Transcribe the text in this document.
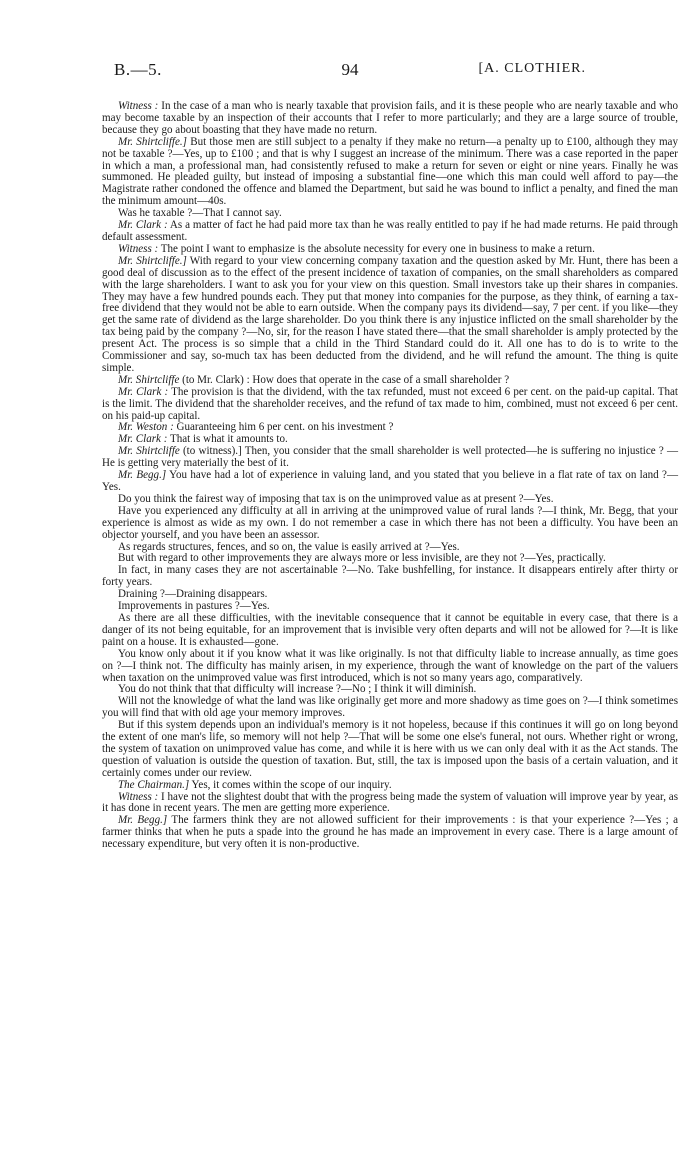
B.—5.	94	[A. CLOTHIER.

Witness : In the case of a man who is nearly taxable that provision fails, and it is these people who are nearly taxable and who may become taxable by an inspection of their accounts that I refer to more particularly; and they are a large source of trouble, because they go about boasting that they have made no return.

Mr. Shirtcliffe.] But those men are still subject to a penalty if they make no return—a penalty up to £100, although they may not be taxable ?—Yes, up to £100 ; and that is why I suggest an increase of the minimum. There was a case reported in the paper in which a man, a professional man, had consistently refused to make a return for seven or eight or nine years. Finally he was summoned. He pleaded guilty, but instead of imposing a substantial fine—one which this man could well afford to pay—the Magistrate rather condoned the offence and blamed the Department, but said he was bound to inflict a penalty, and fined the man the minimum amount—40s.

Was he taxable ?—That I cannot say.

Mr. Clark : As a matter of fact he had paid more tax than he was really entitled to pay if he had made returns. He paid through default assessment.

Witness : The point I want to emphasize is the absolute necessity for every one in business to make a return.

Mr. Shirtcliffe.] With regard to your view concerning company taxation and the question asked by Mr. Hunt, there has been a good deal of discussion as to the effect of the present incidence of taxation of companies, on the small shareholders as compared with the large shareholders. I want to ask you for your view on this question. Small investors take up their shares in companies. They may have a few hundred pounds each. They put that money into companies for the purpose, as they think, of earning a tax-free dividend that they would not be able to earn outside. When the company pays its dividend—say, 7 per cent. if you like—they get the same rate of dividend as the large shareholder. Do you think there is any injustice inflicted on the small shareholder by the tax being paid by the company ?—No, sir, for the reason I have stated there—that the small shareholder is amply protected by the present Act. The process is so simple that a child in the Third Standard could do it. All one has to do is to write to the Commissioner and say, so-much tax has been deducted from the dividend, and he will refund the amount. The thing is quite simple.

Mr. Shirtcliffe (to Mr. Clark) : How does that operate in the case of a small shareholder ?

Mr. Clark : The provision is that the dividend, with the tax refunded, must not exceed 6 per cent. on the paid-up capital. That is the limit. The dividend that the shareholder receives, and the refund of tax made to him, combined, must not exceed 6 per cent. on his paid-up capital.

Mr. Weston : Guaranteeing him 6 per cent. on his investment ?

Mr. Clark : That is what it amounts to.

Mr. Shirtcliffe (to witness).] Then, you consider that the small shareholder is well protected—he is suffering no injustice ? —He is getting very materially the best of it.

Mr. Begg.] You have had a lot of experience in valuing land, and you stated that you believe in a flat rate of tax on land ?—Yes.

Do you think the fairest way of imposing that tax is on the unimproved value as at present ?—Yes.

Have you experienced any difficulty at all in arriving at the unimproved value of rural lands ?—I think, Mr. Begg, that your experience is almost as wide as my own. I do not remember a case in which there has not been a difficulty. You have been an objector yourself, and you have been an assessor.

As regards structures, fences, and so on, the value is easily arrived at ?—Yes.

But with regard to other improvements they are always more or less invisible, are they not ?—Yes, practically.

In fact, in many cases they are not ascertainable ?—No. Take bushfelling, for instance. It disappears entirely after thirty or forty years.

Draining ?—Draining disappears.

Improvements in pastures ?—Yes.

As there are all these difficulties, with the inevitable consequence that it cannot be equitable in every case, that there is a danger of its not being equitable, for an improvement that is invisible very often departs and will not be allowed for ?—It is like paint on a house. It is exhausted—gone.

You know only about it if you know what it was like originally. Is not that difficulty liable to increase annually, as time goes on ?—I think not. The difficulty has mainly arisen, in my experience, through the want of knowledge on the part of the valuers when taxation on the unimproved value was first introduced, which is not so many years ago, comparatively.

You do not think that that difficulty will increase ?—No ; I think it will diminish.

Will not the knowledge of what the land was like originally get more and more shadowy as time goes on ?—I think sometimes you will find that with old age your memory improves.

But if this system depends upon an individual's memory is it not hopeless, because if this continues it will go on long beyond the extent of one man's life, so memory will not help ?—That will be some one else's funeral, not ours. Whether right or wrong, the system of taxation on unimproved value has come, and while it is here with us we can only deal with it as the Act stands. The question of valuation is outside the question of taxation. But, still, the tax is imposed upon the basis of a certain valuation, and it certainly comes under our review.

The Chairman.] Yes, it comes within the scope of our inquiry.

Witness : I have not the slightest doubt that with the progress being made the system of valuation will improve year by year, as it has done in recent years. The men are getting more experience.

Mr. Begg.] The farmers think they are not allowed sufficient for their improvements : is that your experience ?—Yes ; a farmer thinks that when he puts a spade into the ground he has made an improvement in every case. There is a large amount of necessary expenditure, but very often it is non-productive.
